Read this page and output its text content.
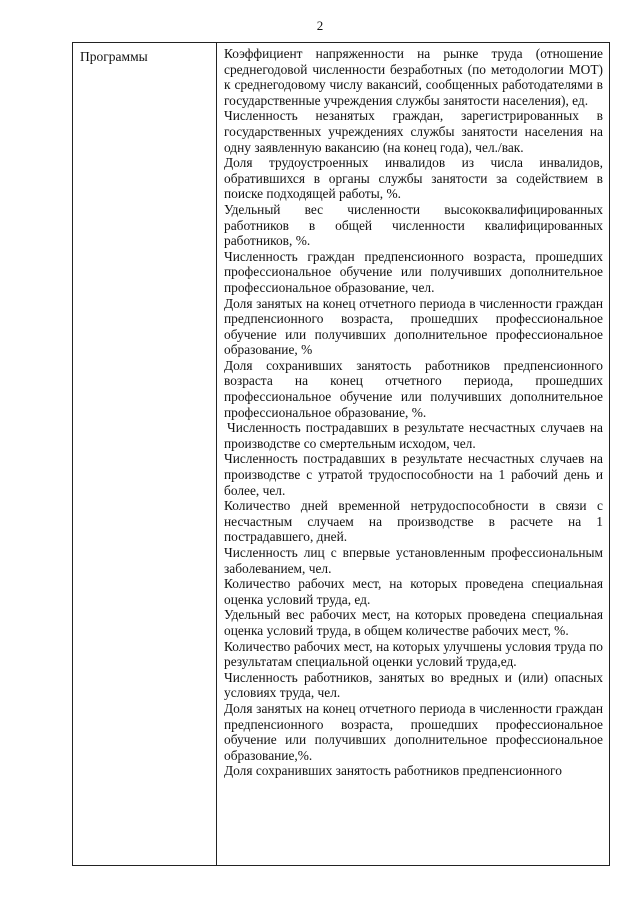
2
Программы	Коэффициент напряженности на рынке труда (отношение среднегодовой численности безработных (по методологии МОТ) к среднегодовому числу вакансий, сообщенных работодателями в государственные учреждения службы занятости населения), ед.

Численность незанятых граждан, зарегистрированных в государственных учреждениях службы занятости населения на одну заявленную вакансию (на конец года), чел./вак.

Доля трудоустроенных инвалидов из числа инвалидов, обратившихся в органы службы занятости за содействием в поиске подходящей работы, %.

Удельный вес численности высококвалифицированных работников в общей численности квалифицированных работников, %.

Численность граждан предпенсионного возраста, прошедших профессиональное обучение или получивших дополнительное профессиональное образование, чел.

Доля занятых на конец отчетного периода в численности граждан предпенсионного возраста, прошедших профессиональное обучение или получивших дополнительное профессиональное образование, %

Доля сохранивших занятость работников предпенсионного возраста на конец отчетного периода, прошедших профессиональное обучение или получивших дополнительное профессиональное образование, %.

Численность пострадавших в результате несчастных случаев на производстве со смертельным исходом, чел.

Численность пострадавших в результате несчастных случаев на производстве с утратой трудоспособности на 1 рабочий день и более, чел.

Количество дней временной нетрудоспособности в связи с несчастным случаем на производстве в расчете на 1 пострадавшего, дней.

Численность лиц с впервые установленным профессиональным заболеванием, чел.

Количество рабочих мест, на которых проведена специальная оценка условий труда, ед.

Удельный вес рабочих мест, на которых проведена специальная оценка условий труда, в общем количестве рабочих мест, %.

Количество рабочих мест, на которых улучшены условия труда по результатам специальной оценки условий труда,ед.

Численность работников, занятых во вредных и (или) опасных условиях труда, чел.

Доля занятых на конец отчетного периода в численности граждан предпенсионного возраста, прошедших профессиональное обучение или получивших дополнительное профессиональное образование,%.

Доля сохранивших занятость работников предпенсионного
